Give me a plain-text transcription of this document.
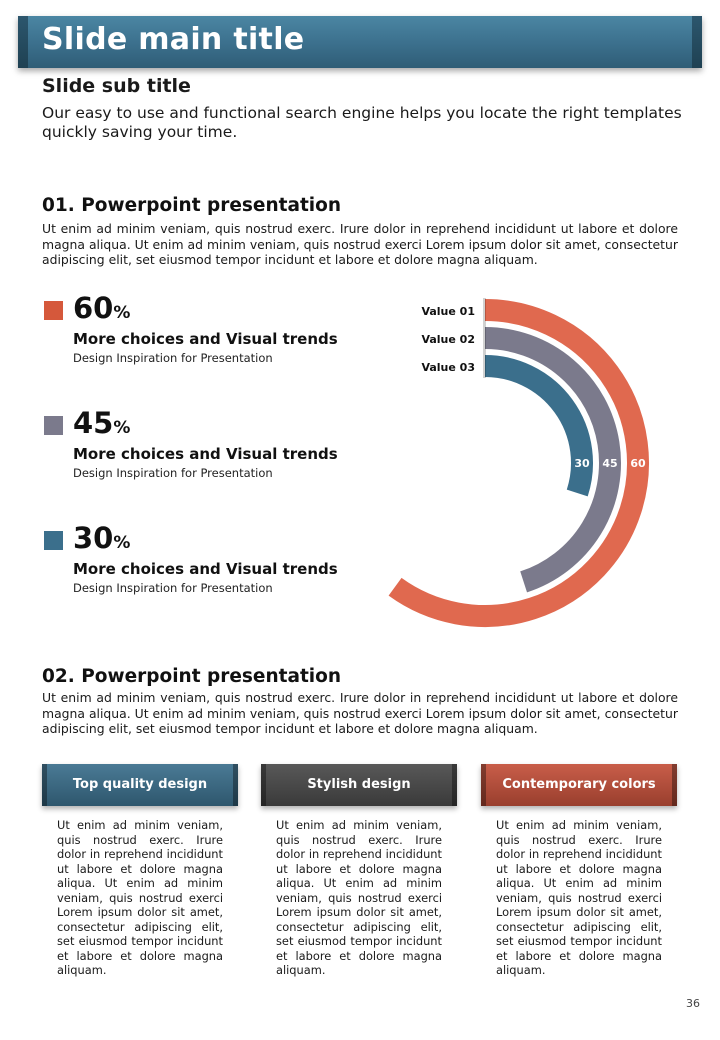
Slide main title
Slide sub title
Our easy to use and functional search engine helps you locate the right templates quickly saving your time.
01. Powerpoint presentation
Ut enim ad minim veniam, quis nostrud exerc. Irure dolor in reprehend incididunt ut labore et dolore magna aliqua. Ut enim ad minim veniam, quis nostrud exerci Lorem ipsum dolor sit amet, consectetur adipiscing elit, set eiusmod tempor incidunt et labore et dolore magna aliquam.
60%
More choices and Visual trends
Design Inspiration for Presentation
45%
More choices and Visual trends
Design Inspiration for Presentation
30%
More choices and Visual trends
Design Inspiration for Presentation
Value 01
60
Value 02
45
Value 03
30
02. Powerpoint presentation
Ut enim ad minim veniam, quis nostrud exerc. Irure dolor in reprehend incididunt ut labore et dolore magna aliqua. Ut enim ad minim veniam, quis nostrud exerci Lorem ipsum dolor sit amet, consectetur adipiscing elit, set eiusmod tempor incidunt et labore et dolore magna aliquam.
Top quality design
Ut enim ad minim veniam, quis nostrud exerc. Irure dolor in reprehend incididunt ut labore et dolore magna aliqua. Ut enim ad minim veniam, quis nostrud exerci Lorem ipsum dolor sit amet, consectetur adipiscing elit, set eiusmod tempor incidunt et labore et dolore magna aliquam.
Stylish design
Ut enim ad minim veniam, quis nostrud exerc. Irure dolor in reprehend incididunt ut labore et dolore magna aliqua. Ut enim ad minim veniam, quis nostrud exerci Lorem ipsum dolor sit amet, consectetur adipiscing elit, set eiusmod tempor incidunt et labore et dolore magna aliquam.
Contemporary colors
Ut enim ad minim veniam, quis nostrud exerc. Irure dolor in reprehend incididunt ut labore et dolore magna aliqua. Ut enim ad minim veniam, quis nostrud exerci Lorem ipsum dolor sit amet, consectetur adipiscing elit, set eiusmod tempor incidunt et labore et dolore magna aliquam.
36
